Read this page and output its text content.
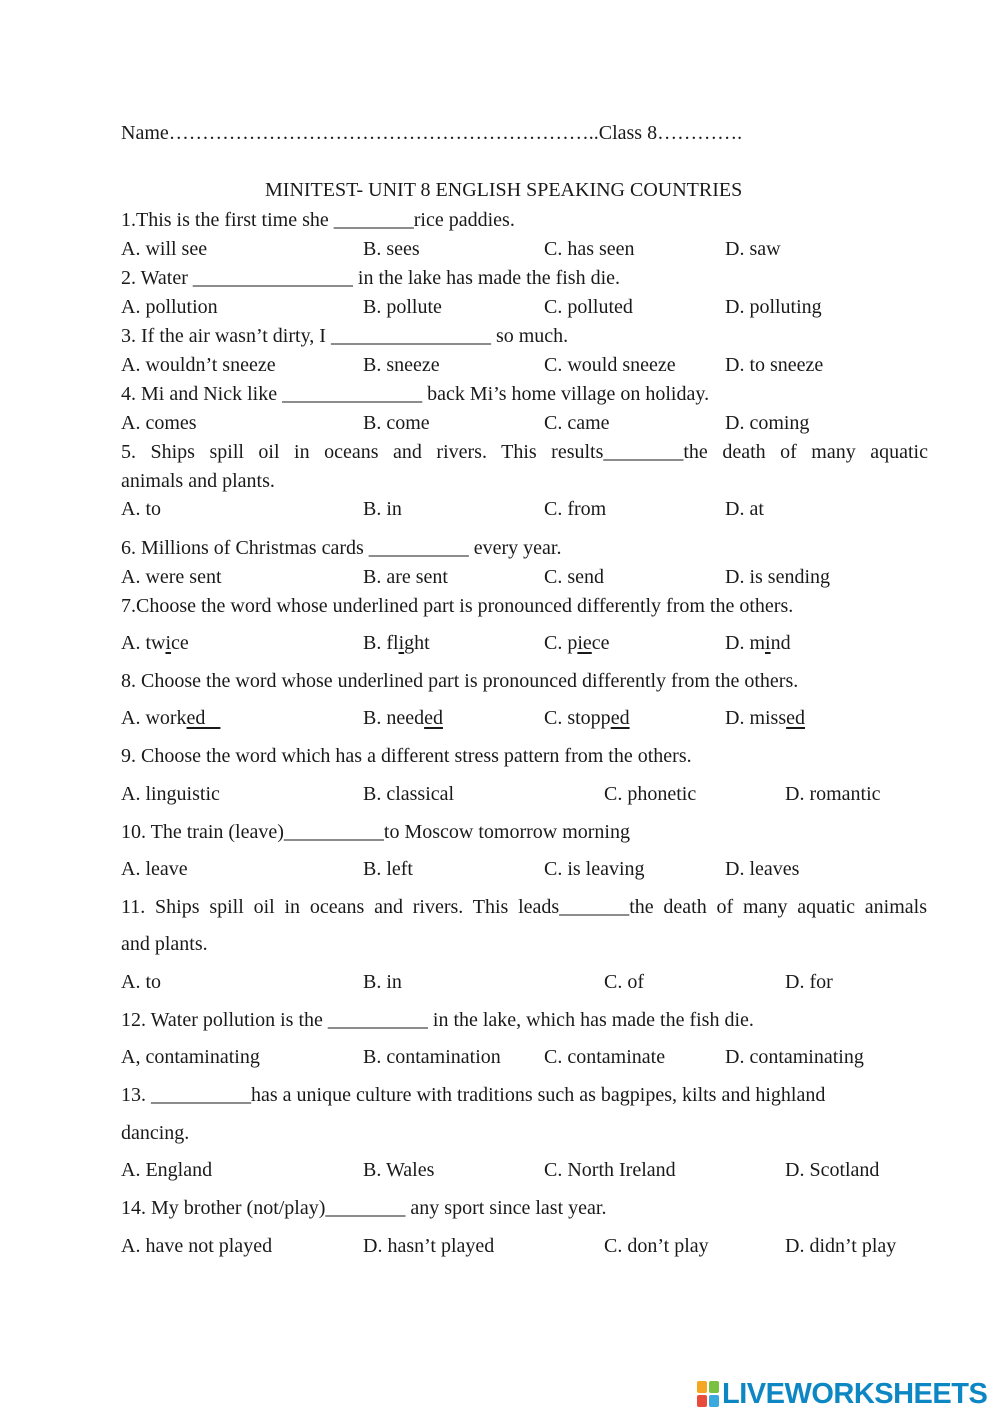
Name………………………………………………………..Class 8………….
MINITEST- UNIT 8 ENGLISH SPEAKING COUNTRIES
1.This is the first time she ________rice paddies.
A. will see	B. sees	C. has seen	D. saw
2. Water ________________ in the lake has made the fish die.
A. pollution	B. pollute	C. polluted	D. polluting
3. If the air wasn’t dirty, I ________________ so much.
A. wouldn’t sneeze	B. sneeze	C. would sneeze D. to sneeze
4. Mi and Nick like ______________ back Mi’s home village on holiday.
A. comes	B. come	C. came	D. coming
5. Ships spill oil in oceans and rivers. This results________the death of many aquatic
animals and plants.
A. to	B. in	C. from	D. at
6. Millions of Christmas cards __________ every year.
A. were sent	B. are sent	C. send	D. is sending
7.Choose the word whose underlined part is pronounced differently from the others.
A. twice	B. flight	C. piece	D. mind
8. Choose the word whose underlined part is pronounced differently from the others.
A. worked	B. needed	C. stopped	D. missed
9. Choose the word which has a different stress pattern from the others.
A. linguistic	B. classical	C. phonetic	D. romantic
10. The train (leave)__________to Moscow tomorrow morning
A. leave	B. left	C. is leaving	D. leaves
11. Ships spill oil in oceans and rivers. This leads_______the death of many aquatic animals
and plants.
A. to	B. in	C. of	D. for
12. Water pollution is the __________ in the lake, which has made the fish die.
A, contaminating	B. contamination C. contaminate	D. contaminating
13. __________has a unique culture with traditions such as bagpipes, kilts and highland
dancing.
A. England	B. Wales	C. North Ireland	D. Scotland
14. My brother (not/play)________ any sport since last year.
A. have not played	D. hasn’t played	C. don’t play	D. didn’t play
LIVEWORKSHEETS
